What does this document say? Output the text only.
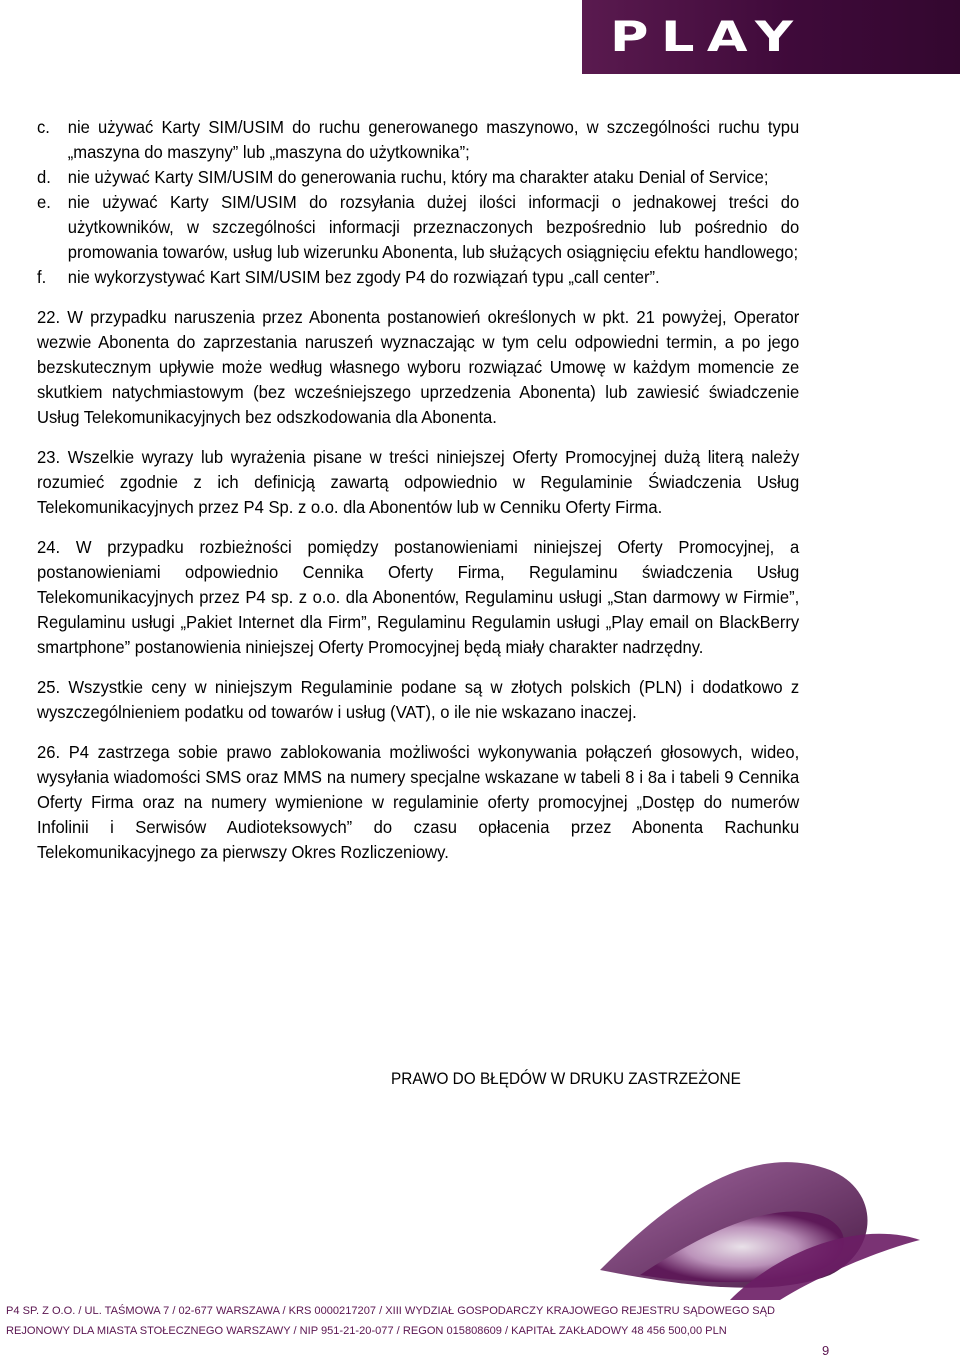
PLAY
c.	nie używać Karty SIM/USIM do ruchu generowanego maszynowo, w szczególności ruchu typu „maszyna do maszyny” lub „maszyna do użytkownika”;
d. nie używać Karty SIM/USIM do generowania ruchu, który ma charakter ataku Denial of Service;
e. nie używać Karty SIM/USIM do rozsyłania dużej ilości informacji o jednakowej treści do użytkowników, w szczególności informacji przeznaczonych bezpośrednio lub pośrednio do promowania towarów, usług lub wizerunku Abonenta, lub służących osiągnięciu efektu handlowego;
f.	nie wykorzystywać Kart SIM/USIM bez zgody P4 do rozwiązań typu „call center”.
22. W przypadku naruszenia przez Abonenta postanowień określonych w pkt. 21 powyżej, Operator wezwie Abonenta do zaprzestania naruszeń wyznaczając w tym celu odpowiedni termin, a po jego bezskutecznym upływie może według własnego wyboru rozwiązać Umowę w każdym momencie ze skutkiem natychmiastowym (bez wcześniejszego uprzedzenia Abonenta) lub zawiesić świadczenie Usług Telekomunikacyjnych bez odszkodowania dla Abonenta.
23. Wszelkie wyrazy lub wyrażenia pisane w treści niniejszej Oferty Promocyjnej dużą literą należy rozumieć zgodnie z ich definicją zawartą odpowiednio w Regulaminie Świadczenia Usług Telekomunikacyjnych przez P4 Sp. z o.o. dla Abonentów lub w Cenniku Oferty Firma.
24. W przypadku rozbieżności pomiędzy postanowieniami niniejszej Oferty Promocyjnej, a postanowieniami odpowiednio Cennika Oferty Firma, Regulaminu świadczenia Usług Telekomunikacyjnych przez P4 sp. z o.o. dla Abonentów, Regulaminu usługi „Stan darmowy w Firmie”, Regulaminu usługi „Pakiet Internet dla Firm”, Regulaminu Regulamin usługi „Play email on BlackBerry smartphone” postanowienia niniejszej Oferty Promocyjnej będą miały charakter nadrzędny.
25. Wszystkie ceny w niniejszym Regulaminie podane są w złotych polskich (PLN) i dodatkowo z wyszczególnieniem podatku od towarów i usług (VAT), o ile nie wskazano inaczej.
26. P4 zastrzega sobie prawo zablokowania możliwości wykonywania połączeń głosowych, wideo, wysyłania wiadomości SMS oraz MMS na numery specjalne wskazane w tabeli 8 i 8a i tabeli 9 Cennika Oferty Firma oraz na numery wymienione w regulaminie oferty promocyjnej „Dostęp do numerów Infolinii i Serwisów Audioteksowych” do czasu opłacenia przez Abonenta Rachunku Telekomunikacyjnego za pierwszy Okres Rozliczeniowy.
PRAWO DO BŁĘDÓW W DRUKU ZASTRZEŻONE
P4 SP. Z O.O. / UL. TAŚMOWA 7 / 02-677 WARSZAWA / KRS 0000217207 / XIII WYDZIAŁ GOSPODARCZY KRAJOWEGO REJESTRU SĄDOWEGO SĄD
REJONOWY DLA MIASTA STOŁECZNEGO WARSZAWY / NIP 951-21-20-077 / REGON 015808609 / KAPITAŁ ZAKŁADOWY 48 456 500,00 PLN
9
